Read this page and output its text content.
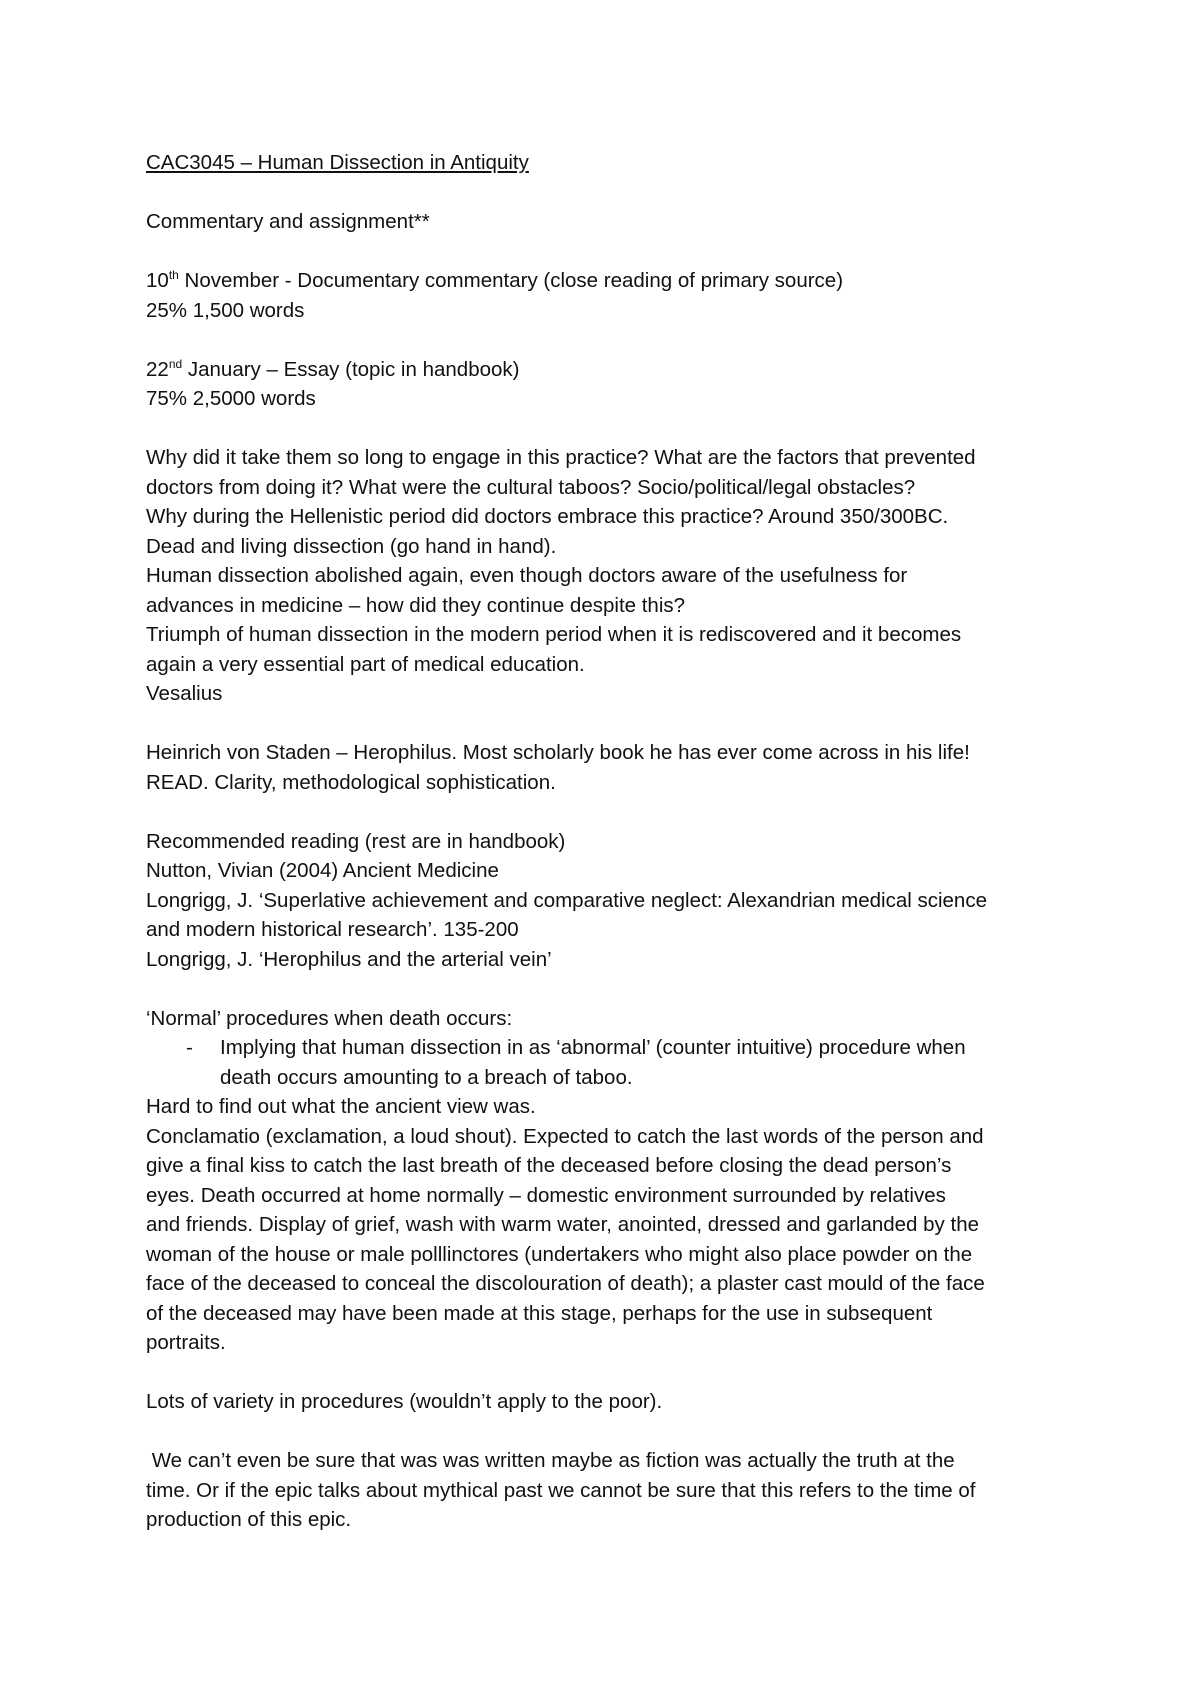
CAC3045 – Human Dissection in Antiquity
Commentary and assignment**
10th November - Documentary commentary (close reading of primary source)
25% 1,500 words
22nd January – Essay (topic in handbook)
75% 2,5000 words
Why did it take them so long to engage in this practice? What are the factors that prevented
doctors from doing it? What were the cultural taboos? Socio/political/legal obstacles?
Why during the Hellenistic period did doctors embrace this practice? Around 350/300BC.
Dead and living dissection (go hand in hand).
Human dissection abolished again, even though doctors aware of the usefulness for
advances in medicine – how did they continue despite this?
Triumph of human dissection in the modern period when it is rediscovered and it becomes
again a very essential part of medical education.
Vesalius
Heinrich von Staden – Herophilus. Most scholarly book he has ever come across in his life!
READ. Clarity, methodological sophistication.
Recommended reading (rest are in handbook)
Nutton, Vivian (2004) Ancient Medicine
Longrigg, J. ‘Superlative achievement and comparative neglect: Alexandrian medical science
and modern historical research’. 135-200
Longrigg, J. ‘Herophilus and the arterial vein’
‘Normal’ procedures when death occurs:
- Implying that human dissection in as ‘abnormal’ (counter intuitive) procedure when
death occurs amounting to a breach of taboo.
Hard to find out what the ancient view was.
Conclamatio (exclamation, a loud shout). Expected to catch the last words of the person and
give a final kiss to catch the last breath of the deceased before closing the dead person’s
eyes. Death occurred at home normally – domestic environment surrounded by relatives
and friends. Display of grief, wash with warm water, anointed, dressed and garlanded by the
woman of the house or male polllinctores (undertakers who might also place powder on the
face of the deceased to conceal the discolouration of death); a plaster cast mould of the face
of the deceased may have been made at this stage, perhaps for the use in subsequent
portraits.
Lots of variety in procedures (wouldn’t apply to the poor).
We can’t even be sure that was was written maybe as fiction was actually the truth at the
time. Or if the epic talks about mythical past we cannot be sure that this refers to the time of
production of this epic.
